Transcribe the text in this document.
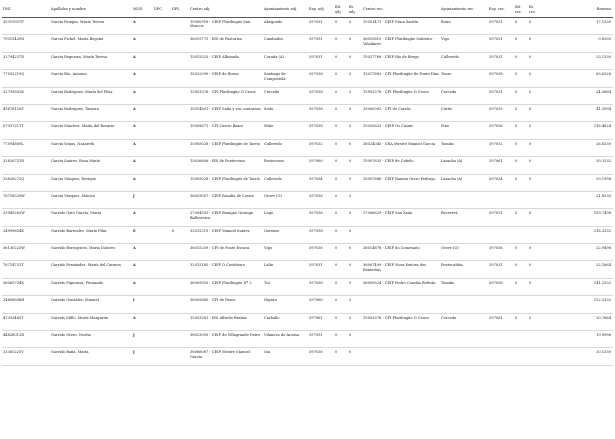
DNI	Apellidos y nombre	MOD	DPC	DPL	Centro adj.	Ayuntamiento adj.	Esp. adj.	Bil. adj.	Bi. adj.	Centro rec.	Ayuntamiento rec.	Esp. rec.	Bil. rec.	Bi. rec.	Baremo
35319957F	García Pampin, María Teresa	A			15900916 - CEIP Plurilingüe San Marcos	Abegondo	597031	0	0	15001471 - CEIP Praia Xardín	Boiro	597031	0	0	17,1330
79315420N	García Pichel, María Begoña	A			36019775 - IES de Pastoriza	Cambados	597031	0	0	36015810 - CEIP Plurilingüe Sobreiro-Valadares	Vigo	597031	0	0	9,8330
32794237D	García Regueira, María Teresa	A			15015523 - CEIP Alborada	Coruña (A)	597031	0	0	15027768 - CEIP Río de Bergo	Culleredo	597031	0	0	23,1330
77592219Q	García Río, Antonio	A			15022590 - CEIP de Roxos	Santiago de Compostela	597038	0	0	15017883 - CPI Plurilingüe de Fonte-Díaz	Touro	597038	0	0	83,6328
32793852K	García Rodríguez, María del Pilar	A			15903376 - CPI Plurilingüe O Cruce	Cerceda	597038	0	0	15903376 - CPI Plurilingüe O Cruce	Cerceda	597031	0	0	24,5664
45676120Z	García Rodríguez, Tamara	A			15014801 - CEIP Sada y sus contornos	Sada	597038	0	0	15065902 - CPI do Currás	Curtis	597035	0	0	41,3994
07037211T	García Sánchez, María del Rosario	A			15009671 - CPI Castro Baxoi	Miño	597038	0	0	15025633 - CEIP Os Casais	Pino	597036	0	0	116,4824
77594889L	García Seijas, Nazareth	A			15005028 - CEIP Plurilingüe de Tarrío	Culleredo	597032	0	0	36024045 - CRA Mestre Manuel García	Tomiño	597032	0	0	26,8330
32826751N	García Suárez, Rosa María	A			15026606 - IES de Pontecesso	Pontecesso	597060	0	0	15007635 - CEIP de Cubelo	Laracha (A)	597061	0	0	39,3332
33826272Q	García Vázquez, Enrique	A			15005028 - CEIP Plurilingüe de Tarrío	Culleredo	597034	0	0	15007686 - CEIP Ramón Otero Pedrayo	Laracha (A)	597034	0	0	29,1998
76718529W	García Vázquez, Mónica	J			36003007 - CEIP Rosalía de Castro	Grove (O)	597036	0	0						21,8330
33949263W	Garrido Gato García, María	A			27004555 - CEIP Benigno Quiroga Ballesteros	Lugo	597036	0	0	27006629 - CEIP San Xoán	Becerreá	597031	0	0	159,7498
34999654X	Garrido Barreales, María Pilar	E		S	32015219 - CEIP Manuel Suárez	Ourense	597038	0	0						218,3332
36130223W	Garrido Borrajeiros, María Dolores	A			36015259 - CPI de Fonte Escura	Vigo	597036	0	0	36014878 - CEIP do Comesaño	Grove (O)	597036	0	0	22,9498
76714752T	Garrido Fernández, María del Carmen	A			32015165 - CEIP O Castiñeiro	Lalín	597031	0	0	36007499 - CEIP Nosa Señora dos Remedios	Pontecaldas	597031	0	0	22,1664
36065754X	Garrido Figueiras, Fernando	A			36009955 - CEIP Plurilingüe Nº 2	Tui	597038	0	0	36009524 - CEIP Pedro Caselas Beltrán	Tomiño	597038	0	0	141,2332
34608898H	Garrido González, Manuel	I			36005865 - CPI de Pazos	Nigrán	597060	0	0						122,3332
47355465T	Garrido Millo, María Margarita	A			15003581 - IES Alfredo Brañas	Carballo	597061	0	0	15903376 - CPI Plurilingüe O Cruce	Cerceda	597061	0	0	20,7664
44828012R	Garrido Otero, Noelia	J			36013059 - CEIP de Villagrande-Deiro	Vilanova de Arousa	597031	0	0						19,9996
33365225Y	Garrido Baña, María	J			36066067 - CEIP Mestre Manuel García	Oia	597036	0	0						20,1330
